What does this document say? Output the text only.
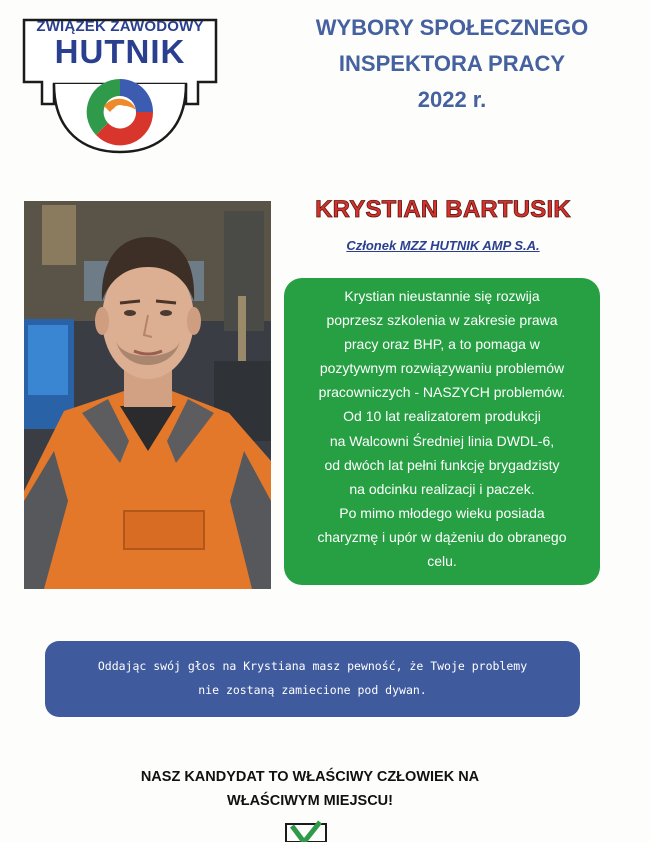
ZWIĄZEK ZAWODOWY
HUTNIK
WYBORY SPOŁECZNEGO
INSPEKTORA PRACY
2022 r.
KRYSTIAN BARTUSIK
Członek MZZ HUTNIK AMP S.A.
Krystian nieustannie się rozwija
poprzesz szkolenia w zakresie prawa
pracy oraz BHP, a to pomaga w
pozytywnym rozwiązywaniu problemów
pracowniczych - NASZYCH problemów.
Od 10 lat realizatorem produkcji
na Walcowni Średniej linia DWDL-6,
od dwóch lat pełni funkcję brygadzisty
na odcinku realizacji i paczek.
Po mimo młodego wieku posiada
charyzmę i upór w dążeniu do obranego
celu.
Oddając swój głos na Krystiana masz pewność, że Twoje problemy
nie zostaną zamiecione pod dywan.
NASZ KANDYDAT TO WŁAŚCIWY CZŁOWIEK NA
WŁAŚCIWYM MIEJSCU!
